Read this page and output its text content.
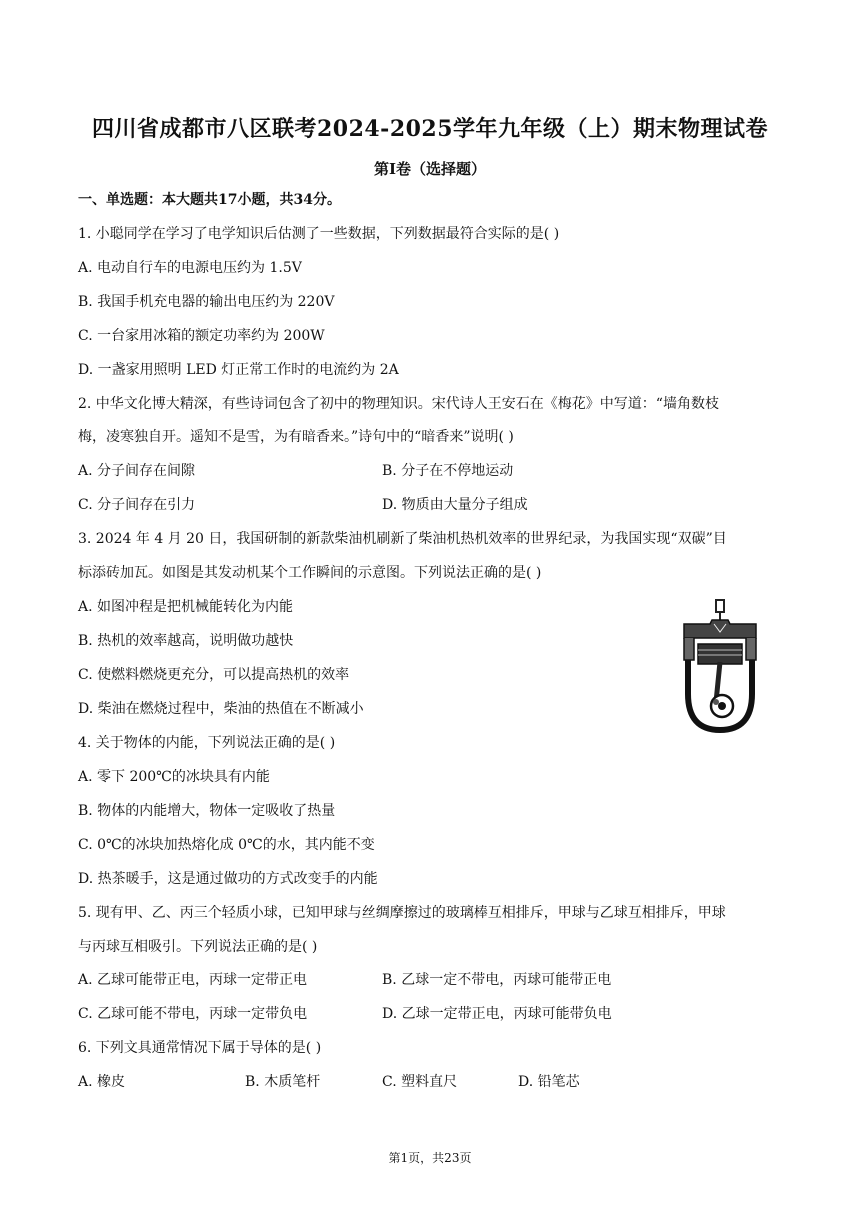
四川省成都市八区联考2024-2025学年九年级（上）期末物理试卷
第Ⅰ卷（选择题）
一、单选题：本大题共17小题，共34分。
1. 小聪同学在学习了电学知识后估测了一些数据，下列数据最符合实际的是( )
A. 电动自行车的电源电压约为 1.5V
B. 我国手机充电器的输出电压约为 220V
C. 一台家用冰箱的额定功率约为 200W
D. 一盏家用照明 LED 灯正常工作时的电流约为 2A
2. 中华文化博大精深，有些诗词包含了初中的物理知识。宋代诗人王安石在《梅花》中写道：“墙角数枝
梅，凌寒独自开。遥知不是雪，为有暗香来。”诗句中的“暗香来”说明( )
A. 分子间存在间隙	B. 分子在不停地运动
C. 分子间存在引力	D. 物质由大量分子组成
3. 2024 年 4 月 20 日，我国研制的新款柴油机刷新了柴油机热机效率的世界纪录，为我国实现“双碳”目
标添砖加瓦。如图是其发动机某个工作瞬间的示意图。下列说法正确的是( )
A. 如图冲程是把机械能转化为内能
B. 热机的效率越高，说明做功越快
C. 使燃料燃烧更充分，可以提高热机的效率
D. 柴油在燃烧过程中，柴油的热值在不断减小
4. 关于物体的内能，下列说法正确的是( )
A. 零下 200℃的冰块具有内能
B. 物体的内能增大，物体一定吸收了热量
C. 0℃的冰块加热熔化成 0℃的水，其内能不变
D. 热茶暖手，这是通过做功的方式改变手的内能
5. 现有甲、乙、丙三个轻质小球，已知甲球与丝绸摩擦过的玻璃棒互相排斥，甲球与乙球互相排斥，甲球
与丙球互相吸引。下列说法正确的是( )
A. 乙球可能带正电，丙球一定带正电	B. 乙球一定不带电，丙球可能带正电
C. 乙球可能不带电，丙球一定带负电	D. 乙球一定带正电，丙球可能带负电
6. 下列文具通常情况下属于导体的是( )
A. 橡皮	B. 木质笔杆	C. 塑料直尺	D. 铅笔芯
第1页，共23页
